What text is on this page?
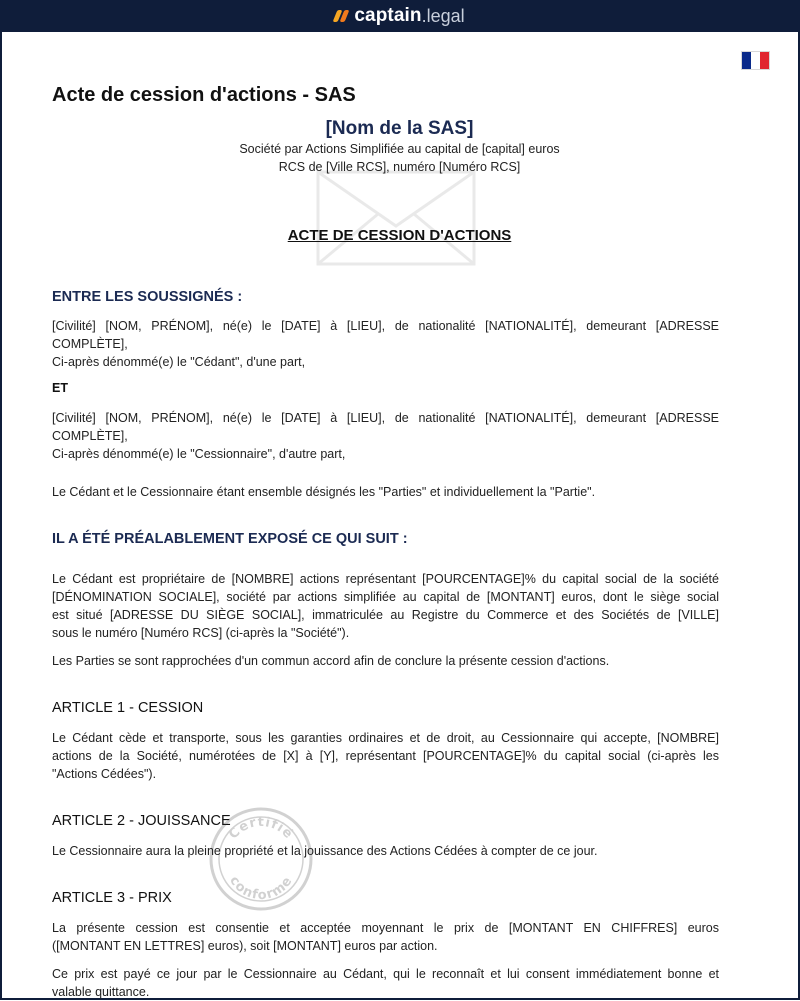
captain .legal
Acte de cession d'actions - SAS
[Nom de la SAS]
Société par Actions Simplifiée au capital de [capital] euros
RCS de [Ville RCS], numéro [Numéro RCS]
ACTE DE CESSION D'ACTIONS
ENTRE LES SOUSSIGNÉS :
[Civilité] [NOM, PRÉNOM], né(e) le [DATE] à [LIEU], de nationalité [NATIONALITÉ], demeurant [ADRESSE
COMPLÈTE],
Ci-après dénommé(e) le "Cédant", d'une part,
ET
[Civilité] [NOM, PRÉNOM], né(e) le [DATE] à [LIEU], de nationalité [NATIONALITÉ], demeurant [ADRESSE
COMPLÈTE],
Ci-après dénommé(e) le "Cessionnaire", d'autre part,
Le Cédant et le Cessionnaire étant ensemble désignés les "Parties" et individuellement la "Partie".
IL A ÉTÉ PRÉALABLEMENT EXPOSÉ CE QUI SUIT :
Le Cédant est propriétaire de [NOMBRE] actions représentant [POURCENTAGE]% du capital social de la société
[DÉNOMINATION SOCIALE], société par actions simplifiée au capital de [MONTANT] euros, dont le siège social
est situé [ADRESSE DU SIÈGE SOCIAL], immatriculée au Registre du Commerce et des Sociétés de [VILLE]
sous le numéro [Numéro RCS] (ci-après la "Société").
Les Parties se sont rapprochées d'un commun accord afin de conclure la présente cession d'actions.
ARTICLE 1 - CESSION
Le Cédant cède et transporte, sous les garanties ordinaires et de droit, au Cessionnaire qui accepte, [NOMBRE]
actions de la Société, numérotées de [X] à [Y], représentant [POURCENTAGE]% du capital social (ci-après les
"Actions Cédées").
ARTICLE 2 - JOUISSANCE
Le Cessionnaire aura la pleine propriété et la jouissance des Actions Cédées à compter de ce jour.
ARTICLE 3 - PRIX
La présente cession est consentie et acceptée moyennant le prix de [MONTANT EN CHIFFRES] euros
([MONTANT EN LETTRES] euros), soit [MONTANT] euros par action.
Ce prix est payé ce jour par le Cessionnaire au Cédant, qui le reconnaît et lui consent immédiatement bonne et
valable quittance.
Certifié
conforme
